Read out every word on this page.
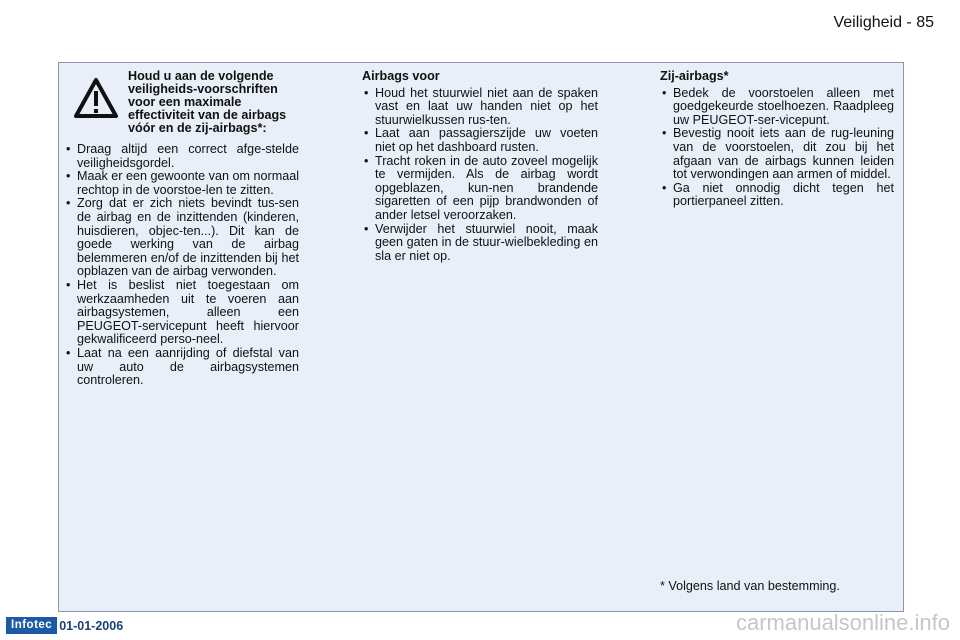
Veiligheid - 85
Houd u aan de volgende veiligheids-voorschriften voor een maximale effectiviteit van de airbags vóór en de zij-airbags*:
• Draag altijd een correct afge-stelde veiligheidsgordel.
• Maak er een gewoonte van om normaal rechtop in de voorstoe-len te zitten.
• Zorg dat er zich niets bevindt tus-sen de airbag en de inzittenden (kinderen, huisdieren, objec-ten...). Dit kan de goede werking van de airbag belemmeren en/of de inzittenden bij het opblazen van de airbag verwonden.
• Het is beslist niet toegestaan om werkzaamheden uit te voeren aan airbagsystemen, alleen een PEUGEOT-servicepunt heeft hiervoor gekwalificeerd perso-neel.
• Laat na een aanrijding of diefstal van uw auto de airbagsystemen controleren.
Airbags voor
• Houd het stuurwiel niet aan de spaken vast en laat uw handen niet op het stuurwielkussen rus-ten.
• Laat aan passagierszijde uw voeten niet op het dashboard rusten.
• Tracht roken in de auto zoveel mogelijk te vermijden. Als de airbag wordt opgeblazen, kun-nen brandende sigaretten of een pijp brandwonden of ander letsel veroorzaken.
• Verwijder het stuurwiel nooit, maak geen gaten in de stuur-wielbekleding en sla er niet op.
Zij-airbags*
• Bedek de voorstoelen alleen met goedgekeurde stoelhoezen. Raadpleeg uw PEUGEOT-ser-vicepunt.
• Bevestig nooit iets aan de rug-leuning van de voorstoelen, dit zou bij het afgaan van de airbags kunnen leiden tot verwondingen aan armen of middel.
• Ga niet onnodig dicht tegen het portierpaneel zitten.
* Volgens land van bestemming.
Infotec 01-01-2006	carmanualsonline.info
